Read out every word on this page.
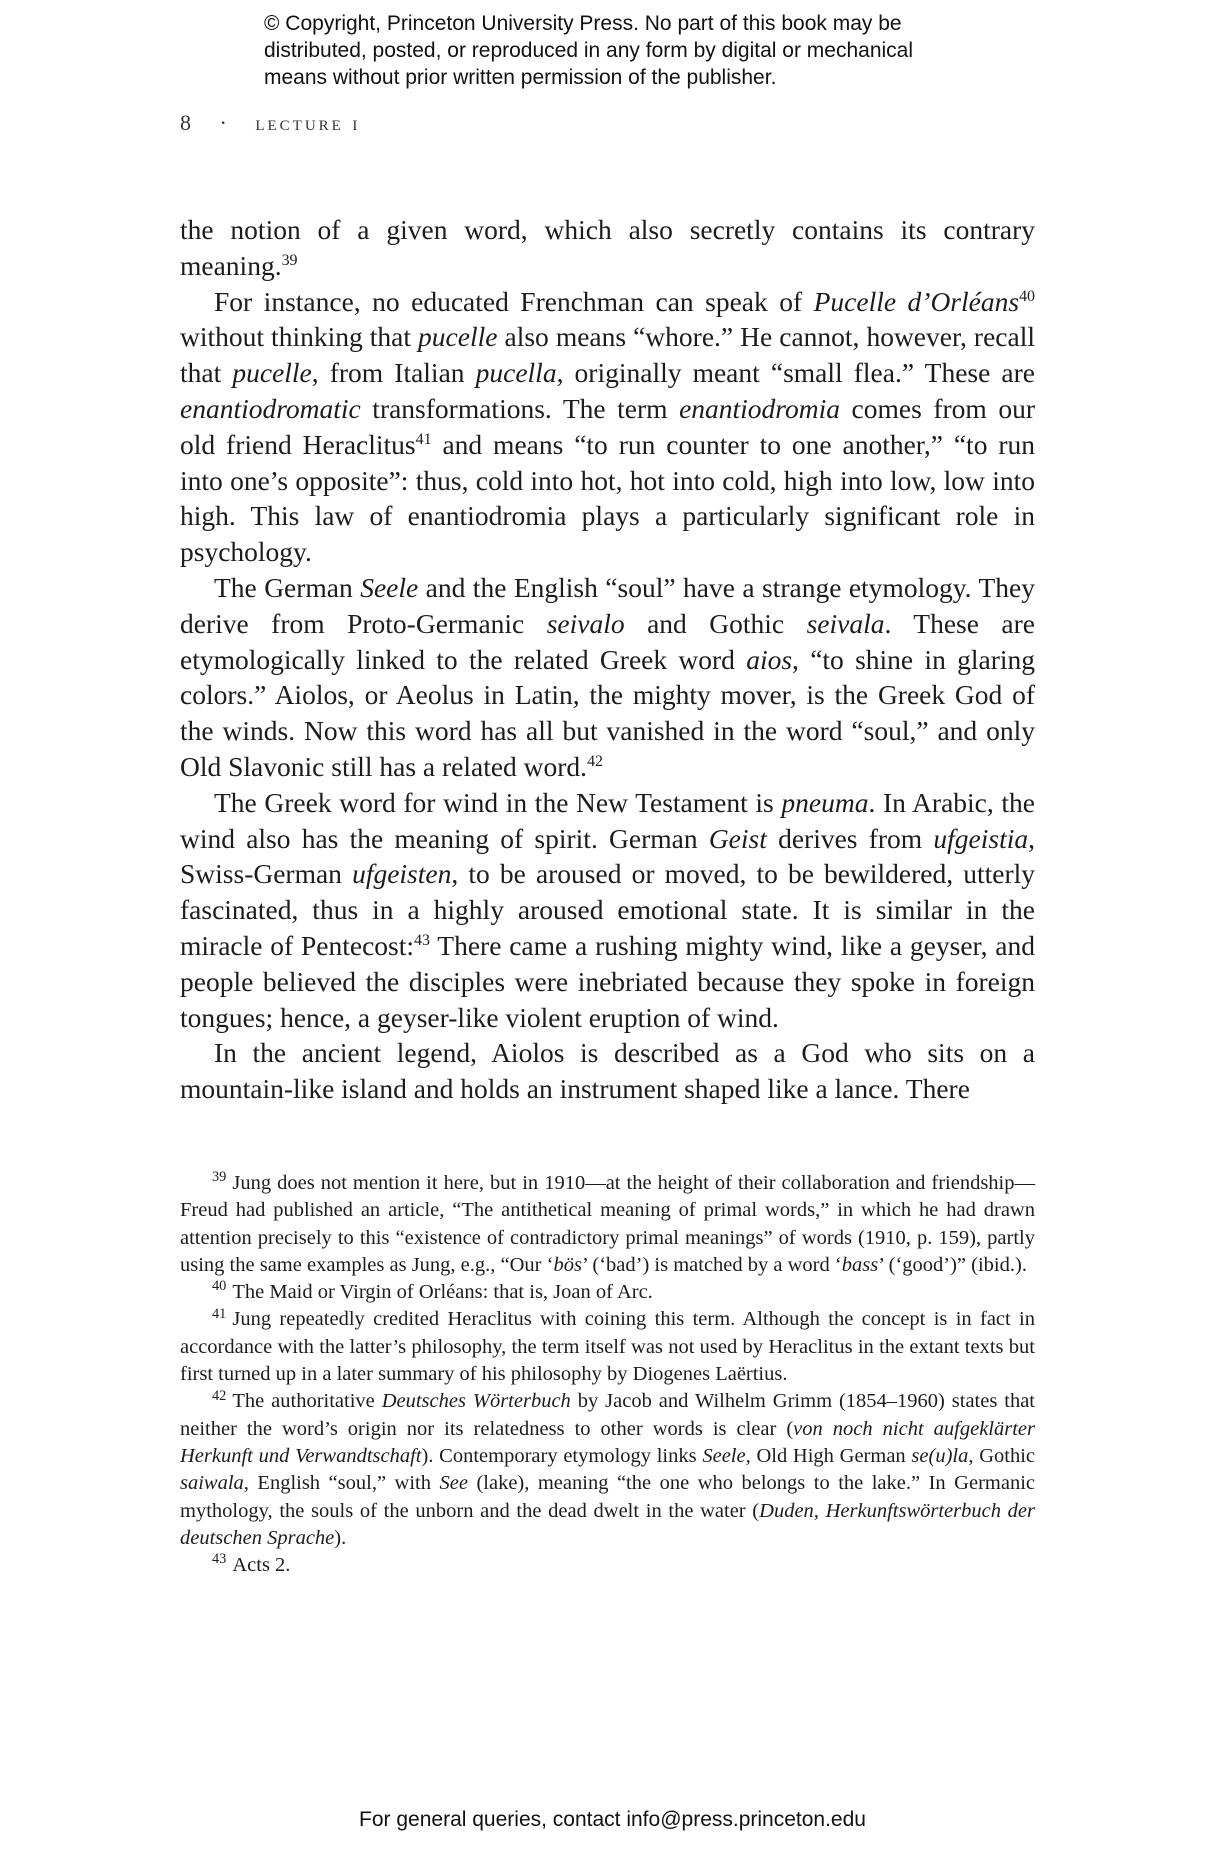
© Copyright, Princeton University Press. No part of this book may be
distributed, posted, or reproduced in any form by digital or mechanical
means without prior written permission of the publisher.
8 · lecture i

the notion of a given word, which also secretly contains its contrary meaning.$^{39}$

For instance, no educated Frenchman can speak of Pucelle d’Orléans$^{40}$ without thinking that pucelle also means “whore.” He cannot, however, recall that pucelle, from Italian pucella, originally meant “small flea.” These are enantiodromatic transformations. The term enantiodromia comes from our old friend Heraclitus$^{41}$ and means “to run counter to one another,” “to run into one’s opposite”: thus, cold into hot, hot into cold, high into low, low into high. This law of enantiodromia plays a particularly significant role in psychology.

The German Seele and the English “soul” have a strange etymology. They derive from Proto-Germanic seivalo and Gothic seivala. These are etymologically linked to the related Greek word aios, “to shine in glaring colors.” Aiolos, or Aeolus in Latin, the mighty mover, is the Greek God of the winds. Now this word has all but vanished in the word “soul,” and only Old Slavonic still has a related word.$^{42}$

The Greek word for wind in the New Testament is pneuma. In Arabic, the wind also has the meaning of spirit. German Geist derives from ufgeistia, Swiss-German ufgeisten, to be aroused or moved, to be bewildered, utterly fascinated, thus in a highly aroused emotional state. It is similar in the miracle of Pentecost:$^{43}$ There came a rushing mighty wind, like a geyser, and people believed the disciples were inebriated because they spoke in foreign tongues; hence, a geyser-like violent eruption of wind.

In the ancient legend, Aiolos is described as a God who sits on a mountain-like island and holds an instrument shaped like a lance. There

$^{39}$ Jung does not mention it here, but in 1910—at the height of their collaboration and friendship—Freud had published an article, “The antithetical meaning of primal words,” in which he had drawn attention precisely to this “existence of contradictory primal meanings” of words (1910, p. 159), partly using the same examples as Jung, e.g., “Our ‘bös’ (‘bad’) is matched by a word ‘bass’ (‘good’)” (ibid.).

$^{40}$ The Maid or Virgin of Orléans: that is, Joan of Arc.

$^{41}$ Jung repeatedly credited Heraclitus with coining this term. Although the concept is in fact in accordance with the latter’s philosophy, the term itself was not used by Heraclitus in the extant texts but first turned up in a later summary of his philosophy by Diogenes Laërtius.

$^{42}$ The authoritative Deutsches Wörterbuch by Jacob and Wilhelm Grimm (1854–1960) states that neither the word’s origin nor its relatedness to other words is clear (von noch nicht aufgeklärter Herkunft und Verwandtschaft). Contemporary etymology links Seele, Old High German se(u)la, Gothic saiwala, English “soul,” with See (lake), meaning “the one who belongs to the lake.” In Germanic mythology, the souls of the unborn and the dead dwelt in the water (Duden, Herkunftswörterbuch der deutschen Sprache).

$^{43}$ Acts 2.

For general queries, contact info@press.princeton.edu
